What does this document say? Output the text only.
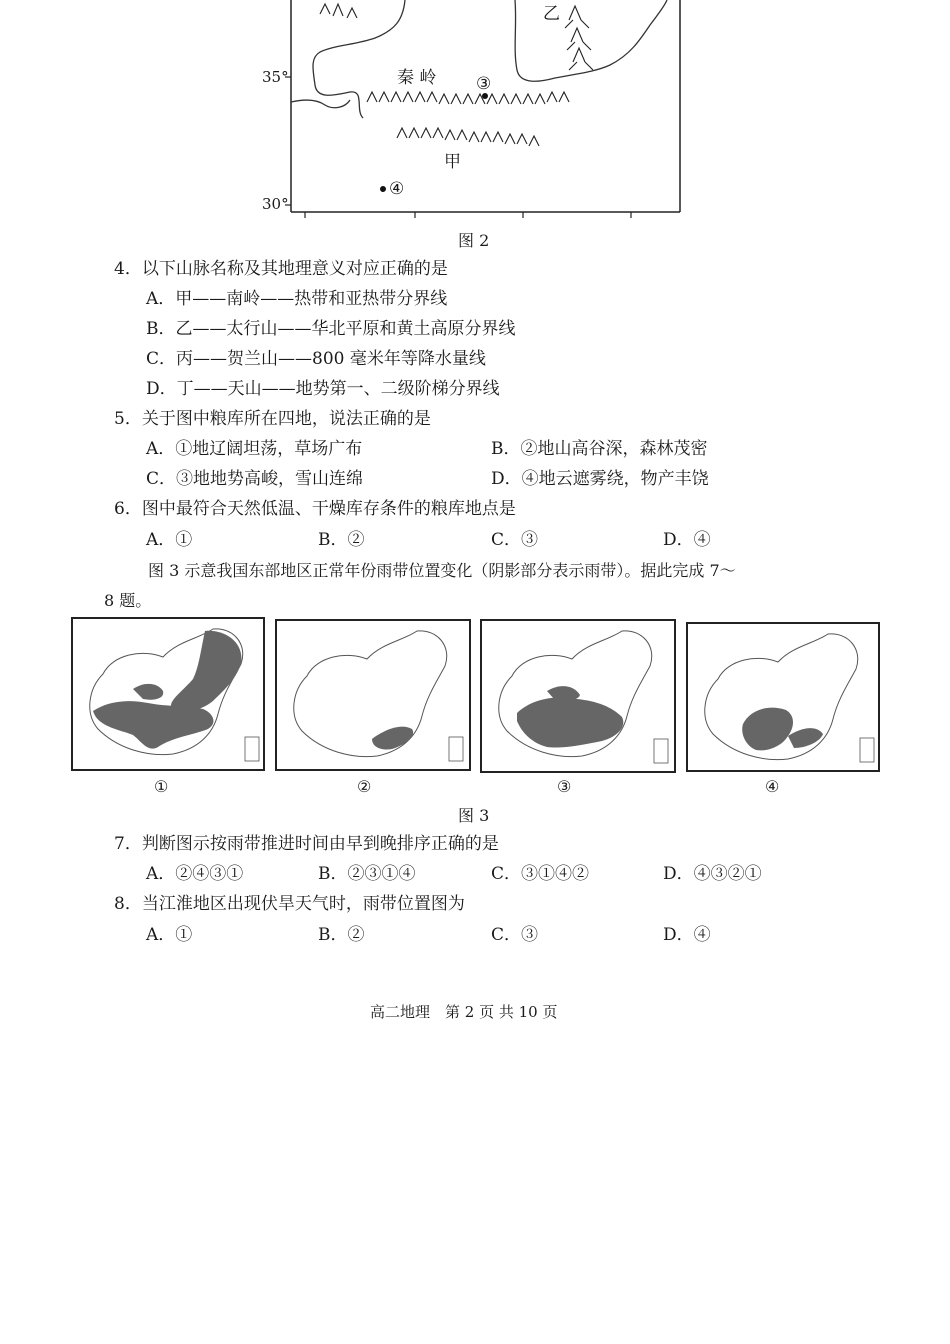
35°
30°
秦 岭
甲
乙
③
④
图 2
4．以下山脉名称及其地理意义对应正确的是
A．甲——南岭——热带和亚热带分界线
B．乙——太行山——华北平原和黄土高原分界线
C．丙——贺兰山——800 毫米年等降水量线
D．丁——天山——地势第一、二级阶梯分界线
5．关于图中粮库所在四地，说法正确的是
A．①地辽阔坦荡，草场广布	B．②地山高谷深，森林茂密
C．③地地势高峻，雪山连绵	D．④地云遮雾绕，物产丰饶
6．图中最符合天然低温、干燥库存条件的粮库地点是
A．①	B．②	C．③	D．④
图 3 示意我国东部地区正常年份雨带位置变化（阴影部分表示雨带）。据此完成 7～
8 题。
①	②	③	④
图 3
7．判断图示按雨带推进时间由早到晚排序正确的是
A．②④③①	B．②③①④	C．③①④②	D．④③②①
8．当江淮地区出现伏旱天气时，雨带位置图为
A．①	B．②	C．③	D．④
高二地理　第 2 页 共 10 页
